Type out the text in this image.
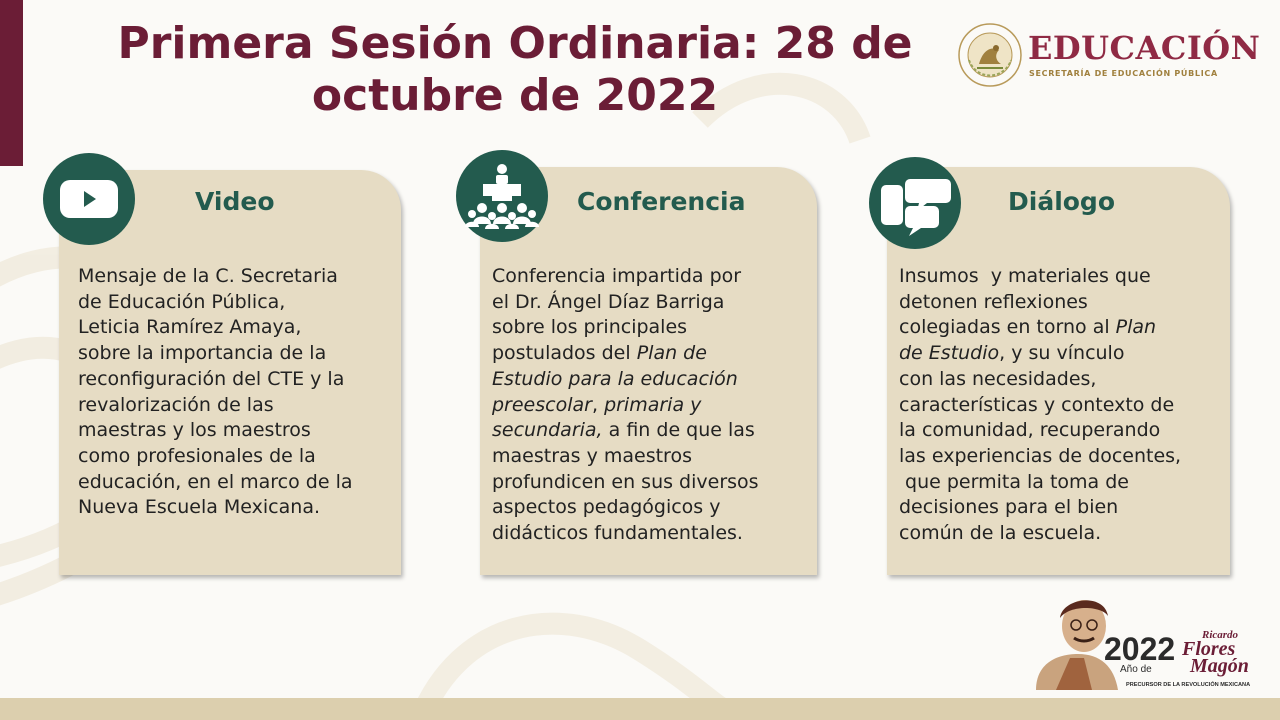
Primera Sesión Ordinaria: 28 de octubre de 2022
EDUCACIÓN
SECRETARÍA DE EDUCACIÓN PÚBLICA
Video	Conferencia	Diálogo
Mensaje de la C. Secretaria
de Educación Pública,
Leticia Ramírez Amaya,
sobre la importancia de la
reconfiguración del CTE y la
revalorización de las
maestras y los maestros
como profesionales de la
educación, en el marco de la
Nueva Escuela Mexicana.
Conferencia impartida por
el Dr. Ángel Díaz Barriga
sobre los principales
postulados del Plan de
Estudio para la educación
preescolar, primaria y
secundaria, a fin de que las
maestras y maestros
profundicen en sus diversos
aspectos pedagógicos y
didácticos fundamentales.
Insumos  y materiales que
detonen reflexiones
colegiadas en torno al Plan
de Estudio, y su vínculo
con las necesidades,
características y contexto de
la comunidad, recuperando
las experiencias de docentes,
que permita la toma de
decisiones para el bien
común de la escuela.
2022
Año de
Ricardo
Flores
Magón
PRECURSOR DE LA REVOLUCIÓN MEXICANA
